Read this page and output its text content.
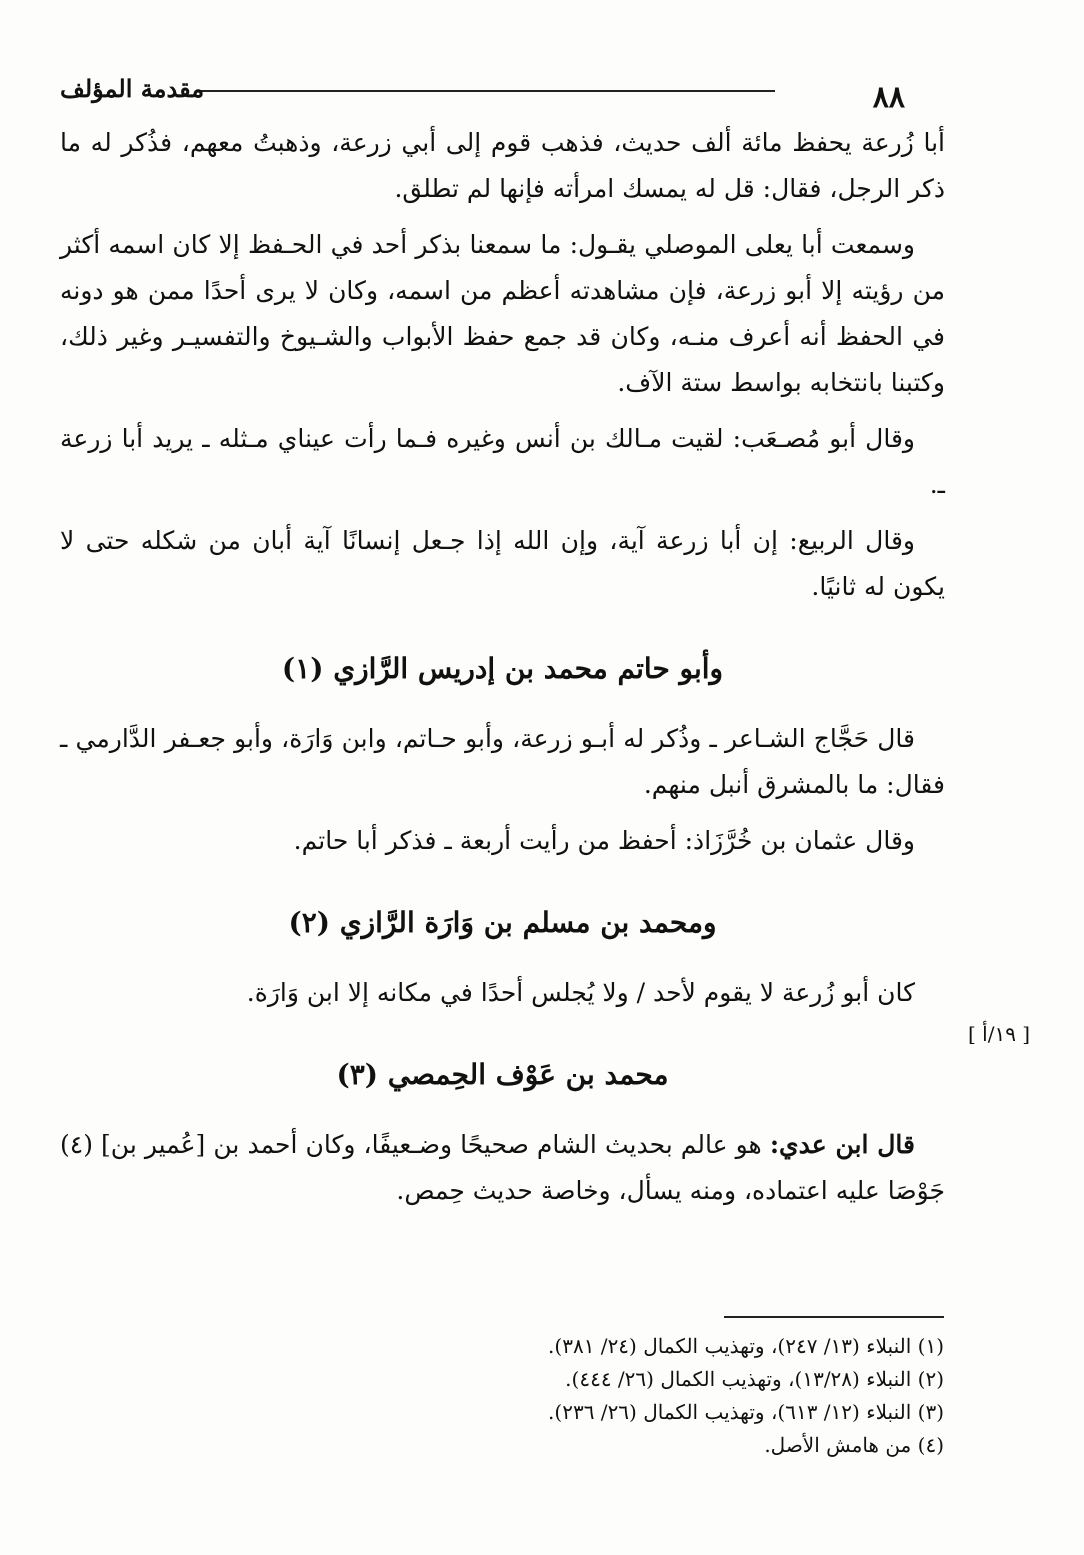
٨٨
مقدمة المؤلف

أبا زُرعة يحفظ مائة ألف حديث، فذهب قوم إلى أبي زرعة، وذهبتُ معهم، فذُكر له ما ذكر الرجل، فقال: قل له يمسك امرأته فإنها لم تطلق.

وسمعت أبا يعلى الموصلي يقـول: ما سمعنا بذكر أحد في الحـفظ إلا كان اسمه أكثر من رؤيته إلا أبو زرعة، فإن مشاهدته أعظم من اسمه، وكان لا يرى أحدًا ممن هو دونه في الحفظ أنه أعرف منـه، وكان قد جمع حفظ الأبواب والشـيوخ والتفسيـر وغير ذلك، وكتبنا بانتخابه بواسط ستة الآف.

وقال أبو مُصـعَب: لقيت مـالك بن أنس وغيره فـما رأت عيناي مـثله ـ يريد أبا زرعة ـ.

وقال الربيع: إن أبا زرعة آية، وإن الله إذا جـعل إنسانًا آية أبان من شكله حتى لا يكون له ثانيًا.

وأبو حاتم محمد بن إدريس الرَّازي (١)

قال حَجَّاج الشـاعر ـ وذُكر له أبـو زرعة، وأبو حـاتم، وابن وَارَة، وأبو جعـفر الدَّارمي ـ فقال: ما بالمشرق أنبل منهم.

وقال عثمان بن خُرَّزَاذ: أحفظ من رأيت أربعة ـ فذكر أبا حاتم.

ومحمد بن مسلم بن وَارَة الرَّازي (٢)

كان أبو زُرعة لا يقوم لأحد / ولا يُجلس أحدًا في مكانه إلا ابن وَارَة.

محمد بن عَوْف الحِمصي (٣)

قال ابن عدي: هو عالم بحديث الشام صحيحًا وضـعيفًا، وكان أحمد بن [عُمير بن] (٤) جَوْصَا عليه اعتماده، ومنه يسأل، وخاصة حديث حِمص.

[ ١٩/أ ]
(١) النبلاء (١٣/ ٢٤٧)، وتهذيب الكمال (٢٤/ ٣٨١).
(٢) النبلاء (١٣/٢٨)، وتهذيب الكمال (٢٦/ ٤٤٤).
(٣) النبلاء (١٢/ ٦١٣)، وتهذيب الكمال (٢٦/ ٢٣٦).
(٤) من هامش الأصل.
